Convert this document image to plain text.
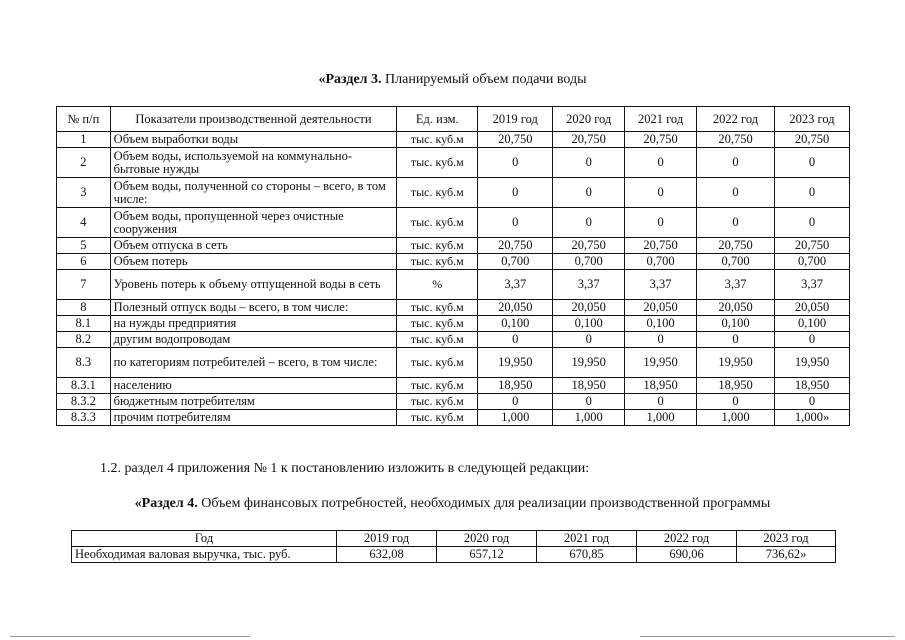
«Раздел 3. Планируемый объем подачи воды
№ п/п	Показатели производственной деятельности	Ед. изм.	2019 год	2020 год	2021 год	2022 год	2023 год
1	Объем выработки воды	тыс. куб.м	20,750	20,750	20,750	20,750	20,750
2	Объем воды, используемой на коммунально-бытовые нужды	тыс. куб.м	0	0	0	0	0
3	Объем воды, полученной со стороны – всего, в том числе:	тыс. куб.м	0	0	0	0	0
4	Объем воды, пропущенной через очистные сооружения	тыс. куб.м	0	0	0	0	0
5	Объем отпуска в сеть	тыс. куб.м	20,750	20,750	20,750	20,750	20,750
6	Объем потерь	тыс. куб.м	0,700	0,700	0,700	0,700	0,700
7	Уровень потерь к объему отпущенной воды в сеть	%	3,37	3,37	3,37	3,37	3,37
8	Полезный отпуск воды – всего, в том числе:	тыс. куб.м	20,050	20,050	20,050	20,050	20,050
8.1	на нужды предприятия	тыс. куб.м	0,100	0,100	0,100	0,100	0,100
8.2	другим водопроводам	тыс. куб.м	0	0	0	0	0
8.3	по категориям потребителей – всего, в том числе:	тыс. куб.м	19,950	19,950	19,950	19,950	19,950
8.3.1	населению	тыс. куб.м	18,950	18,950	18,950	18,950	18,950
8.3.2	бюджетным потребителям	тыс. куб.м	0	0	0	0	0
8.3.3	прочим потребителям	тыс. куб.м	1,000	1,000	1,000	1,000	1,000»
1.2. раздел 4 приложения № 1 к постановлению изложить в следующей редакции:
«Раздел 4. Объем финансовых потребностей, необходимых для реализации производственной программы
Год	2019 год	2020 год	2021 год	2022 год	2023 год
Необходимая валовая выручка, тыс. руб.	632,08	657,12	670,85	690,06	736,62»
